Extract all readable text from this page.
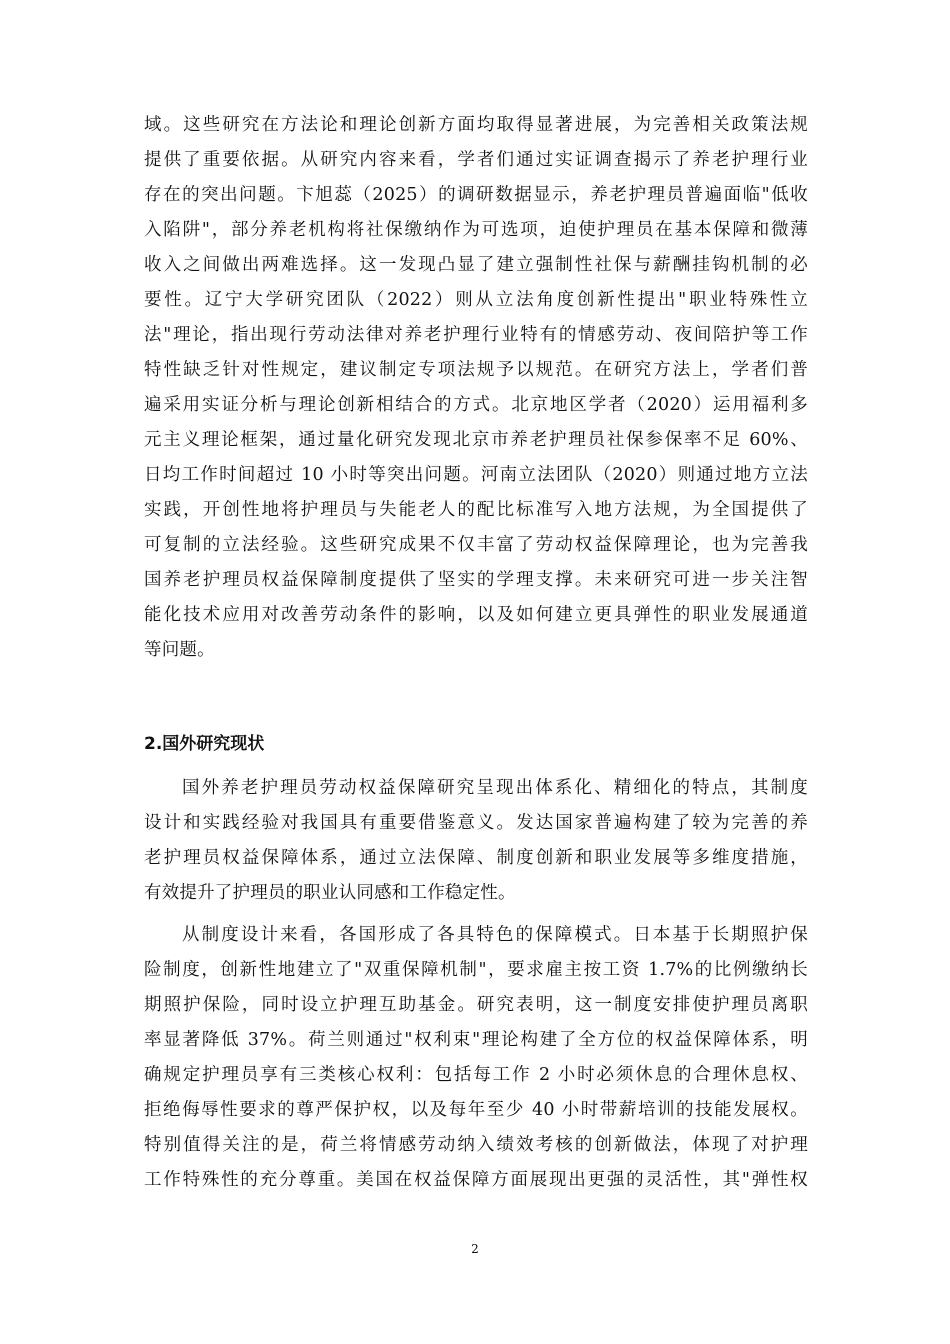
域。这些研究在方法论和理论创新方面均取得显著进展，为完善相关政策法规
提供了重要依据。从研究内容来看，学者们通过实证调查揭示了养老护理行业
存在的突出问题。卞旭蕊（2025）的调研数据显示，养老护理员普遍面临"低收
入陷阱"，部分养老机构将社保缴纳作为可选项，迫使护理员在基本保障和微薄
收入之间做出两难选择。这一发现凸显了建立强制性社保与薪酬挂钩机制的必
要性。辽宁大学研究团队（2022）则从立法角度创新性提出"职业特殊性立
法"理论，指出现行劳动法律对养老护理行业特有的情感劳动、夜间陪护等工作
特性缺乏针对性规定，建议制定专项法规予以规范。在研究方法上，学者们普
遍采用实证分析与理论创新相结合的方式。北京地区学者（2020）运用福利多
元主义理论框架，通过量化研究发现北京市养老护理员社保参保率不足 60%、
日均工作时间超过 10 小时等突出问题。河南立法团队（2020）则通过地方立法
实践，开创性地将护理员与失能老人的配比标准写入地方法规，为全国提供了
可复制的立法经验。这些研究成果不仅丰富了劳动权益保障理论，也为完善我
国养老护理员权益保障制度提供了坚实的学理支撑。未来研究可进一步关注智
能化技术应用对改善劳动条件的影响，以及如何建立更具弹性的职业发展通道
等问题。
2.国外研究现状
国外养老护理员劳动权益保障研究呈现出体系化、精细化的特点，其制度
设计和实践经验对我国具有重要借鉴意义。发达国家普遍构建了较为完善的养
老护理员权益保障体系，通过立法保障、制度创新和职业发展等多维度措施，
有效提升了护理员的职业认同感和工作稳定性。
从制度设计来看，各国形成了各具特色的保障模式。日本基于长期照护保
险制度，创新性地建立了"双重保障机制"，要求雇主按工资 1.7%的比例缴纳长
期照护保险，同时设立护理互助基金。研究表明，这一制度安排使护理员离职
率显著降低 37%。荷兰则通过"权利束"理论构建了全方位的权益保障体系，明
确规定护理员享有三类核心权利：包括每工作 2 小时必须休息的合理休息权、
拒绝侮辱性要求的尊严保护权，以及每年至少 40 小时带薪培训的技能发展权。
特别值得关注的是，荷兰将情感劳动纳入绩效考核的创新做法，体现了对护理
工作特殊性的充分尊重。美国在权益保障方面展现出更强的灵活性，其"弹性权
2
